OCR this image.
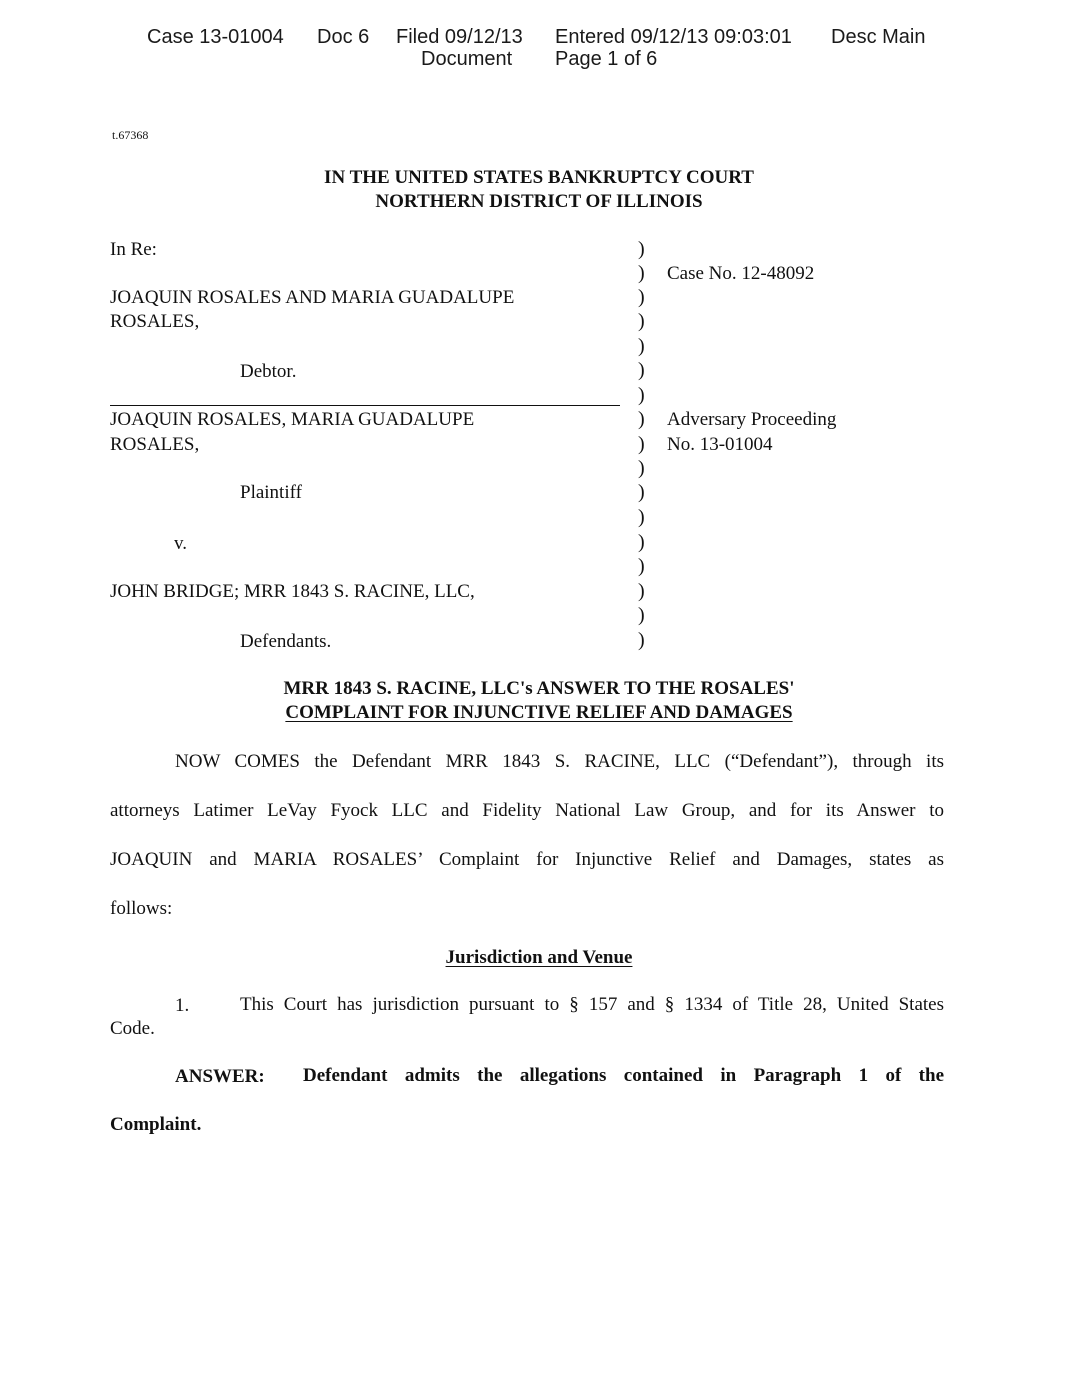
Case 13-01004 Doc 6 Filed 09/12/13 Entered 09/12/13 09:03:01 Desc Main
Document Page 1 of 6
t.67368
IN THE UNITED STATES BANKRUPTCY COURT
NORTHERN DISTRICT OF ILLINOIS
In Re:
JOAQUIN ROSALES AND MARIA GUADALUPE
ROSALES,
Debtor.
JOAQUIN ROSALES, MARIA GUADALUPE
ROSALES,
Plaintiff
v.
JOHN BRIDGE; MRR 1843 S. RACINE, LLC,
Defendants.
)
)
)
)
)
)
)
)
)
)
)
)
)
)
)
)
)
Case No. 12-48092
Adversary Proceeding
No. 13-01004
MRR 1843 S. RACINE, LLC's ANSWER TO THE ROSALES'
COMPLAINT FOR INJUNCTIVE RELIEF AND DAMAGES
NOW COMES the Defendant MRR 1843 S. RACINE, LLC (“Defendant”), through its
attorneys Latimer LeVay Fyock LLC and Fidelity National Law Group, and for its Answer to
JOAQUIN and MARIA ROSALES’ Complaint for Injunctive Relief and Damages, states as
follows:
Jurisdiction and Venue
1.	This Court has jurisdiction pursuant to § 157 and § 1334 of Title 28, United States
Code.
ANSWER: Defendant admits the allegations contained in Paragraph 1 of the
Complaint.
